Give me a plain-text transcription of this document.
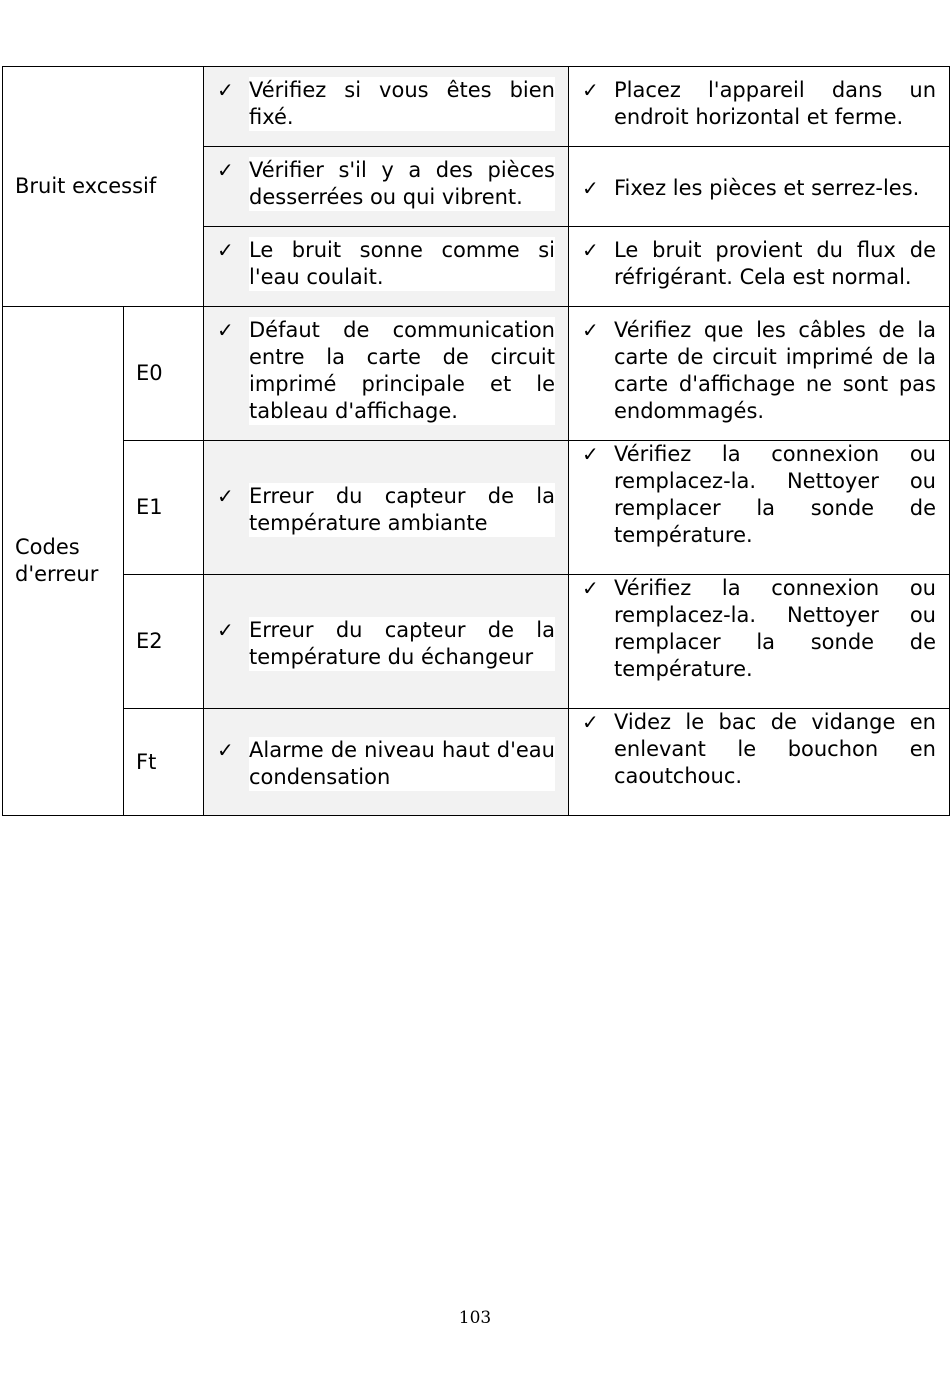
Bruit excessif		✓ Vérifiez si vous êtes bien fixé.	✓ Placez l'appareil dans un endroit horizontal et ferme.

		✓ Vérifier s'il y a des pièces desserrées ou qui vibrent.	✓ Fixez les pièces et serrez-les.

		✓ Le bruit sonne comme si l'eau coulait.	✓ Le bruit provient du flux de réfrigérant. Cela est normal.

Codes d'erreur	E0	✓ Défaut de communication entre la carte de circuit imprimé principale et le tableau d'affichage.	✓ Vérifiez que les câbles de la carte de circuit imprimé de la carte d'affichage ne sont pas endommagés.

	E1	✓ Erreur du capteur de la température ambiante	✓ Vérifiez la connexion ou remplacez-la. Nettoyer ou remplacer la sonde de température.

	E2	✓ Erreur du capteur de la température du échangeur	✓ Vérifiez la connexion ou remplacez-la. Nettoyer ou remplacer la sonde de température.

	Ft	✓ Alarme de niveau haut d'eau condensation	✓ Videz le bac de vidange en enlevant le bouchon en caoutchouc.
103
